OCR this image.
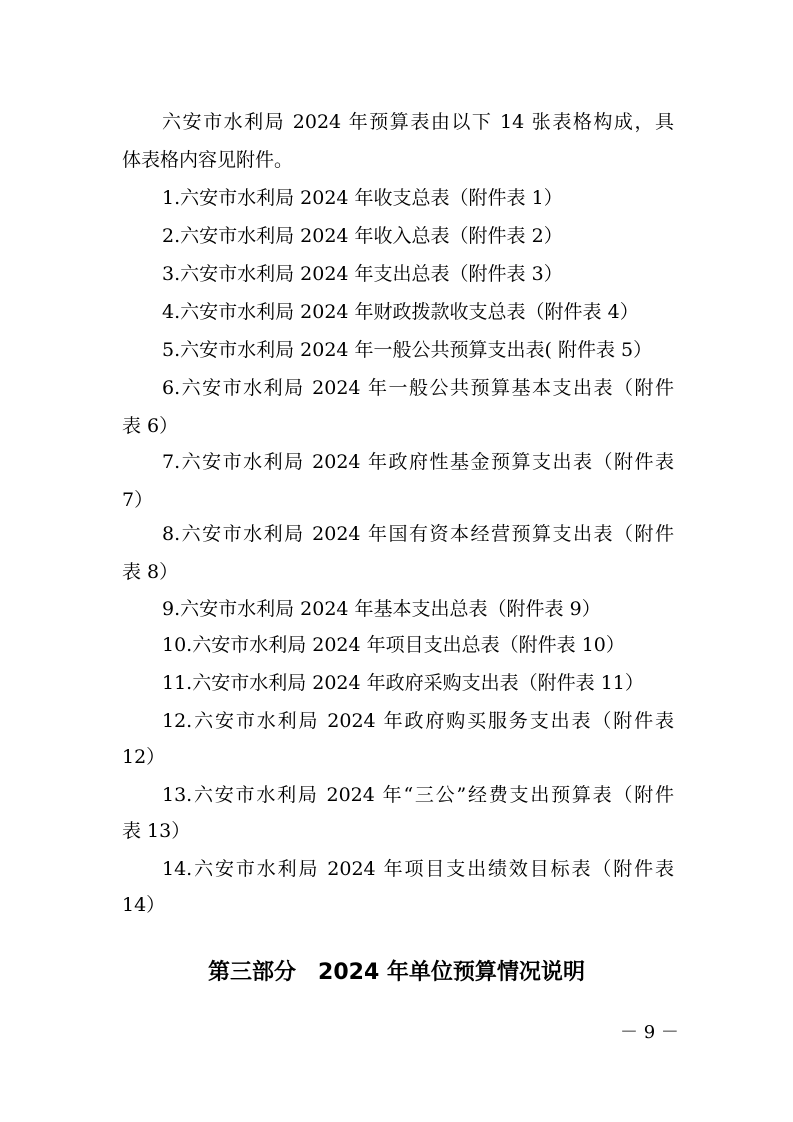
六安市水利局 2024 年预算表由以下 14 张表格构成，具
体表格内容见附件。
1.六安市水利局 2024 年收支总表（附件表 1）
2.六安市水利局 2024 年收入总表（附件表 2）
3.六安市水利局 2024 年支出总表（附件表 3）
4.六安市水利局 2024 年财政拨款收支总表（附件表 4）
5.六安市水利局 2024 年一般公共预算支出表( 附件表 5）
6.六安市水利局 2024 年一般公共预算基本支出表（附件
表 6）
7.六安市水利局 2024 年政府性基金预算支出表（附件表
7）
8.六安市水利局 2024 年国有资本经营预算支出表（附件
表 8）
9.六安市水利局 2024 年基本支出总表（附件表 9）
10.六安市水利局 2024 年项目支出总表（附件表 10）
11.六安市水利局 2024 年政府采购支出表（附件表 11）
12.六安市水利局 2024 年政府购买服务支出表（附件表
12）
13.六安市水利局 2024 年“三公”经费支出预算表（附件
表 13）
14.六安市水利局 2024 年项目支出绩效目标表（附件表
14）
第三部分　2024 年单位预算情况说明
－ 9 －
